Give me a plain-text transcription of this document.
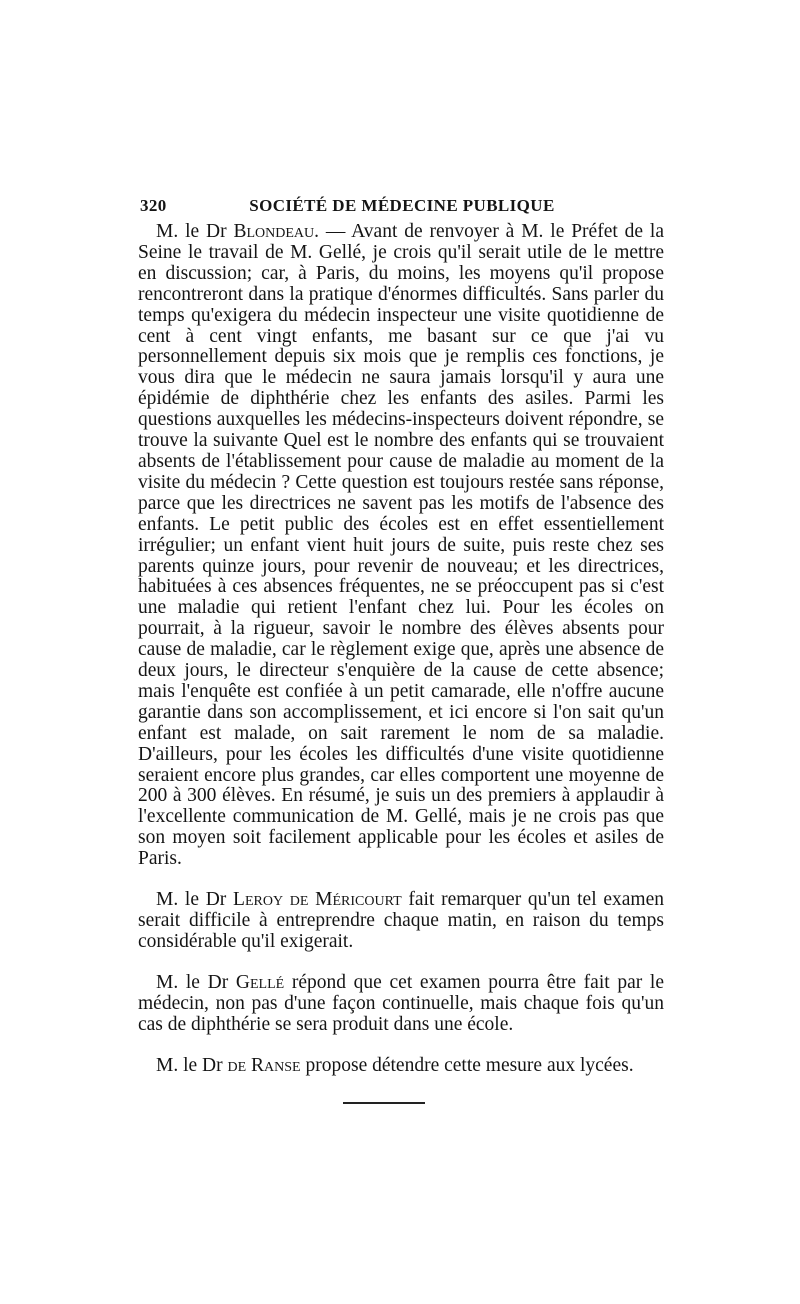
320	SOCIÉTÉ DE MÉDECINE PUBLIQUE

M. le Dr Blondeau. — Avant de renvoyer à M. le Préfet de la Seine le travail de M. Gellé, je crois qu'il serait utile de le mettre en discussion; car, à Paris, du moins, les moyens qu'il propose rencontreront dans la pratique d'énormes difficultés. Sans parler du temps qu'exigera du médecin inspecteur une visite quotidienne de cent à cent vingt enfants, me basant sur ce que j'ai vu personnellement depuis six mois que je remplis ces fonctions, je vous dira que le médecin ne saura jamais lorsqu'il y aura une épidémie de diphthérie chez les enfants des asiles. Parmi les questions auxquelles les médecins-inspecteurs doivent répondre, se trouve la suivante Quel est le nombre des enfants qui se trouvaient absents de l'établissement pour cause de maladie au moment de la visite du médecin ? Cette question est toujours restée sans réponse, parce que les directrices ne savent pas les motifs de l'absence des enfants. Le petit public des écoles est en effet essentiellement irrégulier; un enfant vient huit jours de suite, puis reste chez ses parents quinze jours, pour revenir de nouveau; et les directrices, habituées à ces absences fréquentes, ne se préoccupent pas si c'est une maladie qui retient l'enfant chez lui. Pour les écoles on pourrait, à la rigueur, savoir le nombre des élèves absents pour cause de maladie, car le règlement exige que, après une absence de deux jours, le directeur s'enquière de la cause de cette absence; mais l'enquête est confiée à un petit camarade, elle n'offre aucune garantie dans son accomplissement, et ici encore si l'on sait qu'un enfant est malade, on sait rarement le nom de sa maladie. D'ailleurs, pour les écoles les difficultés d'une visite quotidienne seraient encore plus grandes, car elles comportent une moyenne de 200 à 300 élèves. En résumé, je suis un des premiers à applaudir à l'excellente communication de M. Gellé, mais je ne crois pas que son moyen soit facilement applicable pour les écoles et asiles de Paris.

M. le Dr Leroy de Méricourt fait remarquer qu'un tel examen serait difficile à entreprendre chaque matin, en raison du temps considérable qu'il exigerait.

M. le Dr Gellé répond que cet examen pourra être fait par le médecin, non pas d'une façon continuelle, mais chaque fois qu'un cas de diphthérie se sera produit dans une école.

M. le Dr de Ranse propose détendre cette mesure aux lycées.
